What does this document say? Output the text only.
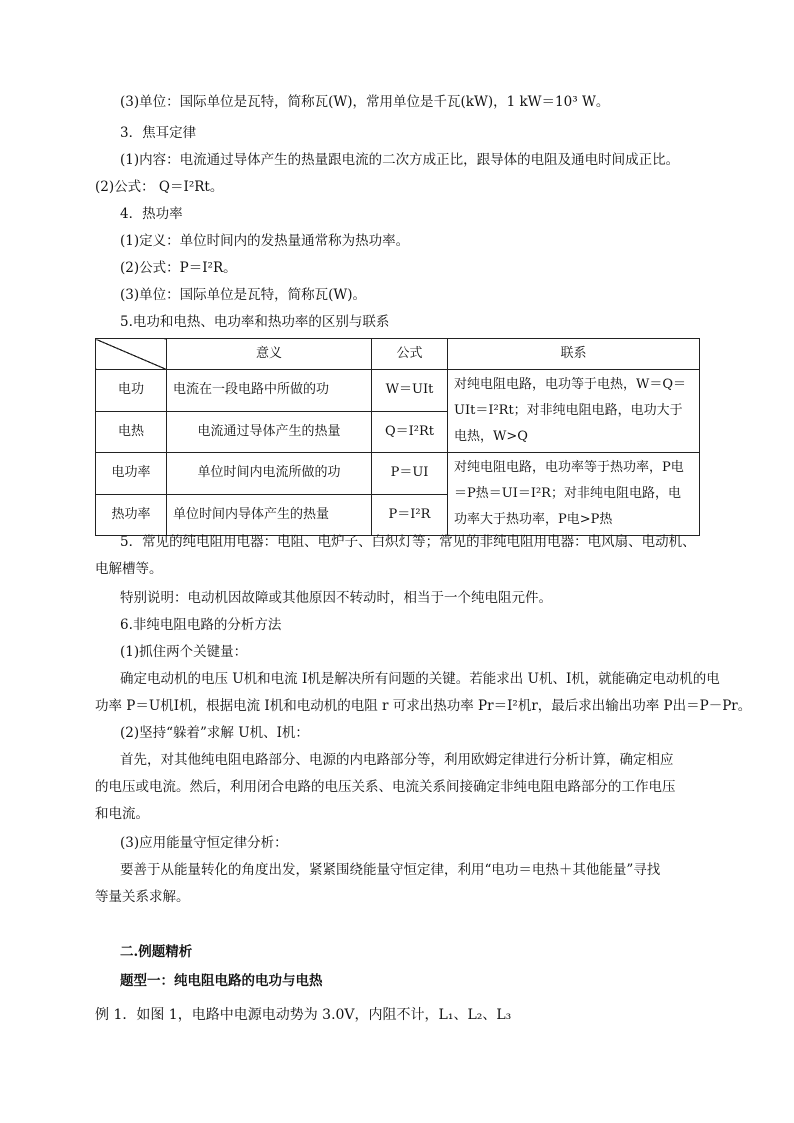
(3)单位：国际单位是瓦特，简称瓦(W)，常用单位是千瓦(kW)，1 kW＝10³ W。
3．焦耳定律
(1)内容：电流通过导体产生的热量跟电流的二次方成正比，跟导体的电阻及通电时间成正比。
(2)公式： Q＝I²Rt。
4．热功率
(1)定义：单位时间内的发热量通常称为热功率。
(2)公式：P＝I²R。
(3)单位：国际单位是瓦特，简称瓦(W)。
5.电功和电热、电功率和热功率的区别与联系
	意义	公式	联系
电功	电流在一段电路中所做的功	W＝UIt	对纯电阻电路，电功等于电热，W＝Q＝UIt＝I²Rt；对非纯电阻电路，电功大于电热，W>Q
电热	电流通过导体产生的热量	Q＝I²Rt	
电功率	单位时间内电流所做的功	P＝UI	对纯电阻电路，电功率等于热功率，P电＝P热＝UI＝I²R；对非纯电阻电路，电功率大于热功率，P电>P热
热功率	单位时间内导体产生的热量	P＝I²R	
5．常见的纯电阻用电器：电阻、电炉子、白炽灯等；常见的非纯电阻用电器：电风扇、电动机、
电解槽等。
特别说明：电动机因故障或其他原因不转动时，相当于一个纯电阻元件。
6.非纯电阻电路的分析方法
(1)抓住两个关键量：
确定电动机的电压 U机和电流 I机是解决所有问题的关键。若能求出 U机、I机，就能确定电动机的电
功率 P＝U机I机，根据电流 I机和电动机的电阻 r 可求出热功率 Pr＝I²机r，最后求出输出功率 P出＝P－Pr。
(2)坚持“躲着”求解 U机、I机：
首先，对其他纯电阻电路部分、电源的内电路部分等，利用欧姆定律进行分析计算，确定相应
的电压或电流。然后，利用闭合电路的电压关系、电流关系间接确定非纯电阻电路部分的工作电压
和电流。
(3)应用能量守恒定律分析：
要善于从能量转化的角度出发，紧紧围绕能量守恒定律，利用“电功＝电热＋其他能量”寻找
等量关系求解。
二.例题精析
题型一：纯电阻电路的电功与电热
例 1．如图 1，电路中电源电动势为 3.0V，内阻不计，L₁、L₂、L₃
